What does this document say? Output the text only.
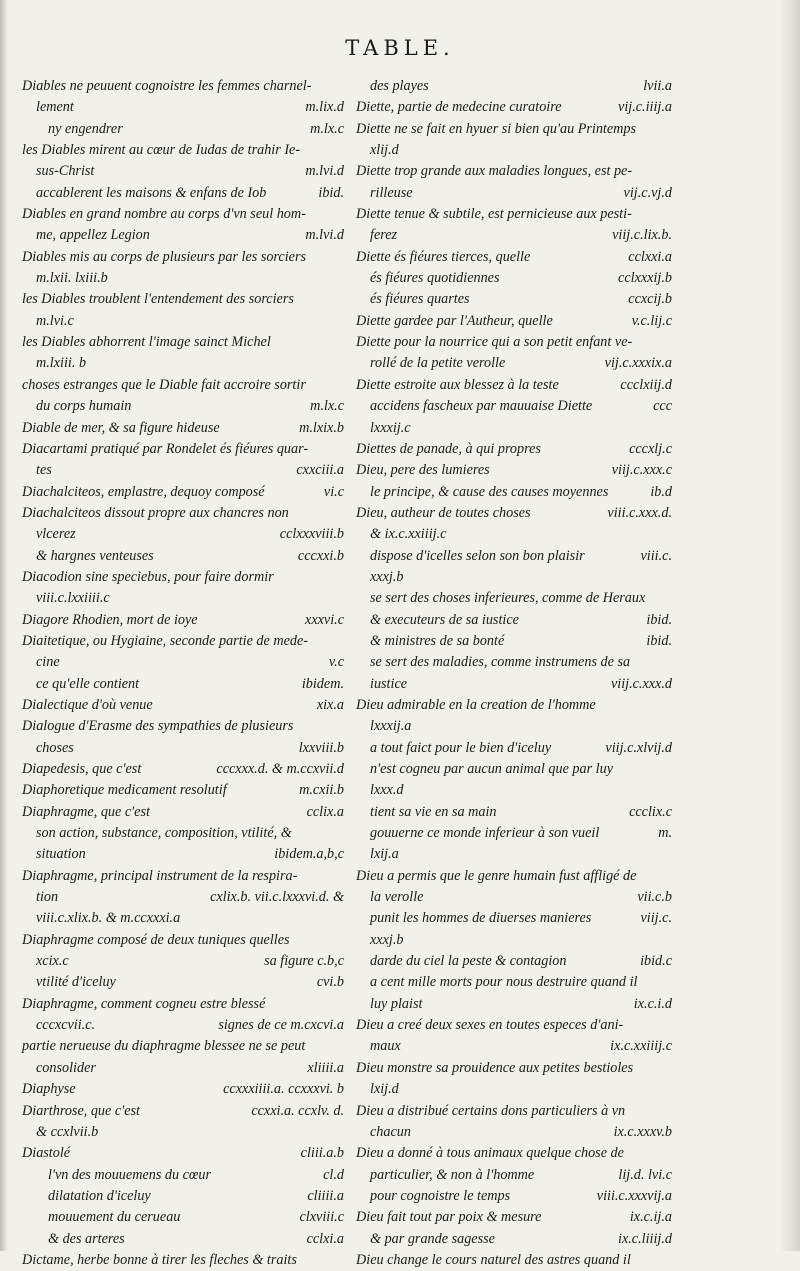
TABLE.
Diables ne peuuent cognoistre les femmes charnel-
lement	m.lix.d
ny engendrer	m.lx.c
les Diables mirent au cœur de Iudas de trahir Ie-
sus-Christ	m.lvi.d
accablerent les maisons & enfans de Iob	ibid.
Diables en grand nombre au corps d'vn seul hom-
me, appellez Legion	m.lvi.d
Diables mis au corps de plusieurs par les sorciers
m.lxii. lxiii.b
les Diables troublent l'entendement des sorciers
m.lvi.c
les Diables abhorrent l'image sainct Michel
m.lxiii. b
choses estranges que le Diable fait accroire sortir
du corps humain	m.lx.c
Diable de mer, & sa figure hideuse	m.lxix.b
Diacartami pratiqué par Rondelet és fiéures quar-
tes	cxxciii.a
Diachalciteos, emplastre, dequoy composé	vi.c
Diachalciteos dissout propre aux chancres non
vlcerez	cclxxxviii.b
& hargnes venteuses	cccxxi.b
Diacodion sine speciebus, pour faire dormir
viii.c.lxxiiii.c
Diagore Rhodien, mort de ioye	xxxvi.c
Diaitetique, ou Hygiaine, seconde partie de mede-
cine	v.c
ce qu'elle contient	ibidem.
Dialectique d'où venue	xix.a
Dialogue d'Erasme des sympathies de plusieurs
choses	lxxviii.b
Diapedesis, que c'est	cccxxx.d. & m.ccxvii.d
Diaphoretique medicament resolutif	m.cxii.b
Diaphragme, que c'est	cclix.a
son action, substance, composition, vtilité, &
situation	ibidem.a,b,c
Diaphragme, principal instrument de la respira-
tion	cxlix.b. vii.c.lxxxvi.d. &
viii.c.xlix.b. & m.ccxxxi.a
Diaphragme composé de deux tuniques quelles
xcix.c	sa figure c.b,c
vtilité d'iceluy	cvi.b
Diaphragme, comment cogneu estre blessé
cccxcvii.c.	signes de ce m.cxcvi.a
partie nerueuse du diaphragme blessee ne se peut
consolider	xliiii.a
Diaphyse	ccxxxiiii.a. ccxxxvi. b
Diarthrose, que c'est	ccxxi.a. ccxlv. d.
& ccxlvii.b
Diastolé	cliii.a.b
l'vn des mouuemens du cœur	cl.d
dilatation d'iceluy	cliiii.a
mouuement du cerueau	clxviii.c
& des arteres	cclxi.a
Dictame, herbe bonne à tirer les fleches & traits
des playes	lvii.a
Diette, partie de medecine curatoire	vij.c.iiij.a
Diette ne se fait en hyuer si bien qu'au Printemps
xlij.d
Diette trop grande aux maladies longues, est pe-
rilleuse	vij.c.vj.d
Diette tenue & subtile, est pernicieuse aux pesti-
ferez	viij.c.lix.b.
Diette és fiéures tierces, quelle	cclxxi.a
és fiéures quotidiennes	cclxxxij.b
és fiéures quartes	ccxcij.b
Diette gardee par l'Autheur, quelle	v.c.lij.c
Diette pour la nourrice qui a son petit enfant ve-
rollé de la petite verolle	vij.c.xxxix.a
Diette estroite aux blessez à la teste	ccclxiij.d
accidens fascheux par mauuaise Diette	ccc
lxxxij.c
Diettes de panade, à qui propres	cccxlj.c
Dieu, pere des lumieres	viij.c.xxx.c
le principe, & cause des causes moyennes	ib.d
Dieu, autheur de toutes choses	viii.c.xxx.d.
& ix.c.xxiiij.c
dispose d'icelles selon son bon plaisir	viii.c.
xxxj.b
se sert des choses inferieures, comme de Heraux
& executeurs de sa iustice	ibid.
& ministres de sa bonté	ibid.
se sert des maladies, comme instrumens de sa
iustice	viij.c.xxx.d
Dieu admirable en la creation de l'homme
lxxxij.a
a tout faict pour le bien d'iceluy	viij.c.xlvij.d
n'est cogneu par aucun animal que par luy
lxxx.d
tient sa vie en sa main	ccclix.c
gouuerne ce monde inferieur à son vueil	m.
lxij.a
Dieu a permis que le genre humain fust affligé de
la verolle	vii.c.b
punit les hommes de diuerses manieres	viij.c.
xxxj.b
darde du ciel la peste & contagion	ibid.c
a cent mille morts pour nous destruire quand il
luy plaist	ix.c.i.d
Dieu a creé deux sexes en toutes especes d'ani-
maux	ix.c.xxiiij.c
Dieu monstre sa prouidence aux petites bestioles
lxij.d
Dieu a distribué certains dons particuliers à vn
chacun	ix.c.xxxv.b
Dieu a donné à tous animaux quelque chose de
particulier, & non à l'homme	lij.d. lvi.c
pour cognoistre le temps	viii.c.xxxvij.a
Dieu fait tout par poix & mesure	ix.c.ij.a
& par grande sagesse	ix.c.liiij.d
Dieu change le cours naturel des astres quand il
